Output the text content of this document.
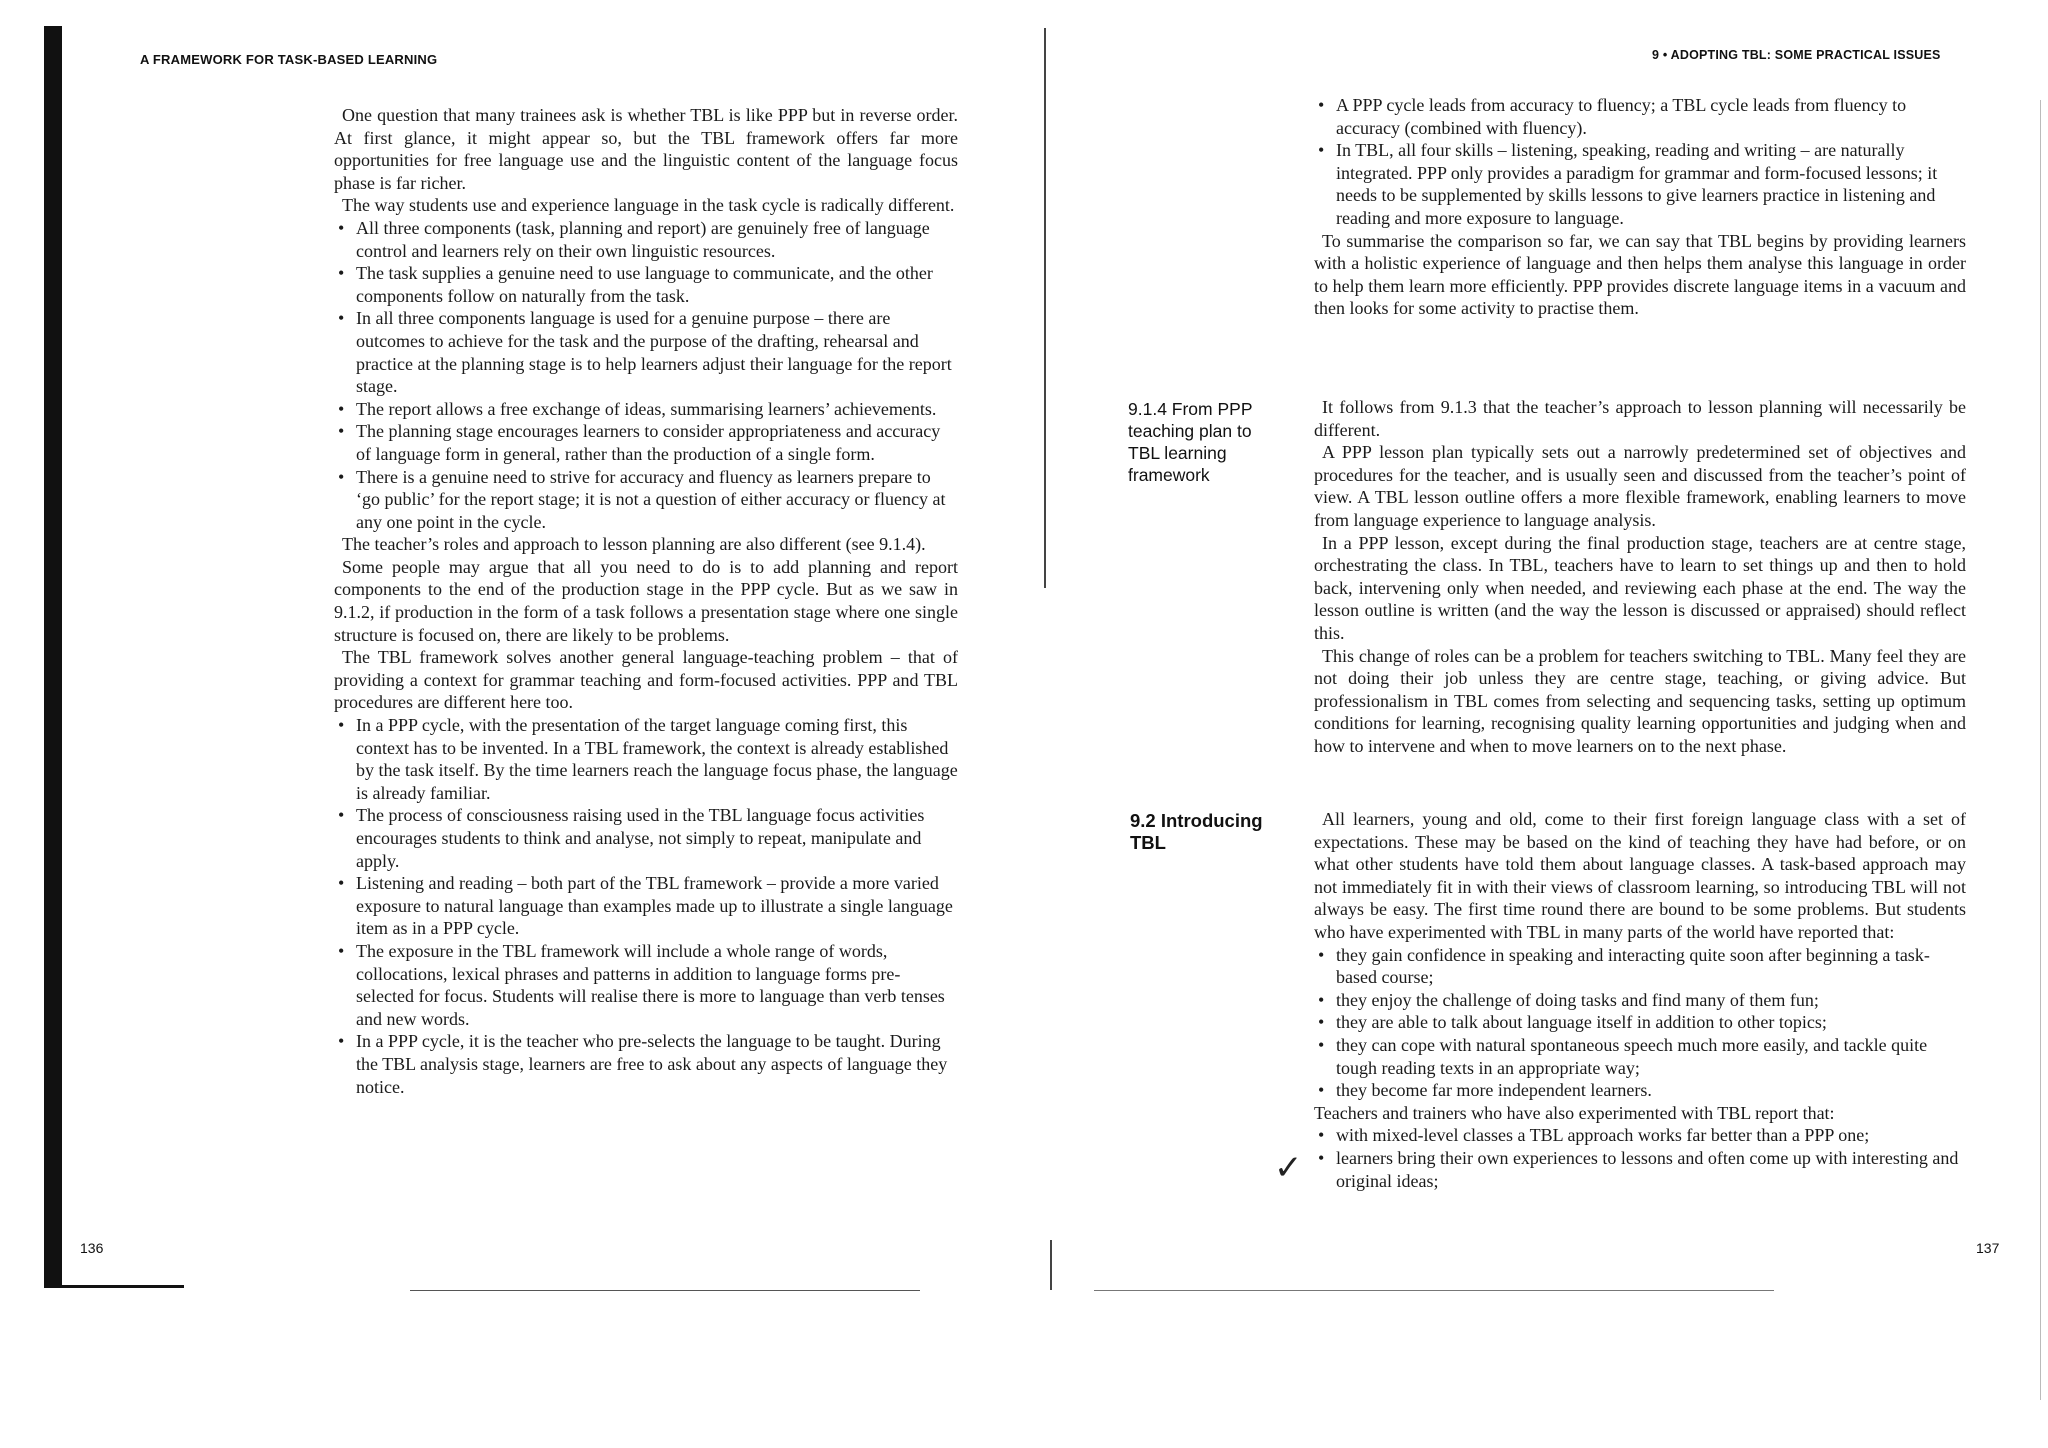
A FRAMEWORK FOR TASK-BASED LEARNING

One question that many trainees ask is whether TBL is like PPP but in reverse order. At first glance, it might appear so, but the TBL framework offers far more opportunities for free language use and the linguistic content of the language focus phase is far richer.

The way students use and experience language in the task cycle is radically different.

• All three components (task, planning and report) are genuinely free of language control and learners rely on their own linguistic resources.
• The task supplies a genuine need to use language to communicate, and the other components follow on naturally from the task.
• In all three components language is used for a genuine purpose – there are outcomes to achieve for the task and the purpose of the drafting, rehearsal and practice at the planning stage is to help learners adjust their language for the report stage.
• The report allows a free exchange of ideas, summarising learners’ achievements.
• The planning stage encourages learners to consider appropriateness and accuracy of language form in general, rather than the production of a single form.
• There is a genuine need to strive for accuracy and fluency as learners prepare to ‘go public’ for the report stage; it is not a question of either accuracy or fluency at any one point in the cycle.

The teacher’s roles and approach to lesson planning are also different (see 9.1.4).

Some people may argue that all you need to do is to add planning and report components to the end of the production stage in the PPP cycle. But as we saw in 9.1.2, if production in the form of a task follows a presentation stage where one single structure is focused on, there are likely to be problems.

The TBL framework solves another general language-teaching problem – that of providing a context for grammar teaching and form-focused activities. PPP and TBL procedures are different here too.

• In a PPP cycle, with the presentation of the target language coming first, this context has to be invented. In a TBL framework, the context is already established by the task itself. By the time learners reach the language focus phase, the language is already familiar.
• The process of consciousness raising used in the TBL language focus activities encourages students to think and analyse, not simply to repeat, manipulate and apply.
• Listening and reading – both part of the TBL framework – provide a more varied exposure to natural language than examples made up to illustrate a single language item as in a PPP cycle.
• The exposure in the TBL framework will include a whole range of words, collocations, lexical phrases and patterns in addition to language forms pre-selected for focus. Students will realise there is more to language than verb tenses and new words.
• In a PPP cycle, it is the teacher who pre-selects the language to be taught. During the TBL analysis stage, learners are free to ask about any aspects of language they notice.
136
9 • ADOPTING TBL: SOME PRACTICAL ISSUES
• A PPP cycle leads from accuracy to fluency; a TBL cycle leads from fluency to accuracy (combined with fluency).
• In TBL, all four skills – listening, speaking, reading and writing – are naturally integrated. PPP only provides a paradigm for grammar and form-focused lessons; it needs to be supplemented by skills lessons to give learners practice in listening and reading and more exposure to language.

To summarise the comparison so far, we can say that TBL begins by providing learners with a holistic experience of language and then helps them analyse this language in order to help them learn more efficiently. PPP provides discrete language items in a vacuum and then looks for some activity to practise them.

9.1.4 From PPP teaching plan to TBL learning framework

It follows from 9.1.3 that the teacher’s approach to lesson planning will necessarily be different.

A PPP lesson plan typically sets out a narrowly predetermined set of objectives and procedures for the teacher, and is usually seen and discussed from the teacher’s point of view. A TBL lesson outline offers a more flexible framework, enabling learners to move from language experience to language analysis.

In a PPP lesson, except during the final production stage, teachers are at centre stage, orchestrating the class. In TBL, teachers have to learn to set things up and then to hold back, intervening only when needed, and reviewing each phase at the end. The way the lesson outline is written (and the way the lesson is discussed or appraised) should reflect this.

This change of roles can be a problem for teachers switching to TBL. Many feel they are not doing their job unless they are centre stage, teaching, or giving advice. But professionalism in TBL comes from selecting and sequencing tasks, setting up optimum conditions for learning, recognising quality learning opportunities and judging when and how to intervene and when to move learners on to the next phase.

9.2 Introducing TBL

All learners, young and old, come to their first foreign language class with a set of expectations. These may be based on the kind of teaching they have had before, or on what other students have told them about language classes. A task-based approach may not immediately fit in with their views of classroom learning, so introducing TBL will not always be easy. The first time round there are bound to be some problems. But students who have experimented with TBL in many parts of the world have reported that:

• they gain confidence in speaking and interacting quite soon after beginning a task-based course;
• they enjoy the challenge of doing tasks and find many of them fun;
• they are able to talk about language itself in addition to other topics;
• they can cope with natural spontaneous speech much more easily, and tackle quite tough reading texts in an appropriate way;
• they become far more independent learners.

Teachers and trainers who have also experimented with TBL report that:

• with mixed-level classes a TBL approach works far better than a PPP one;
• learners bring their own experiences to lessons and often come up with interesting and original ideas;
✓
137
